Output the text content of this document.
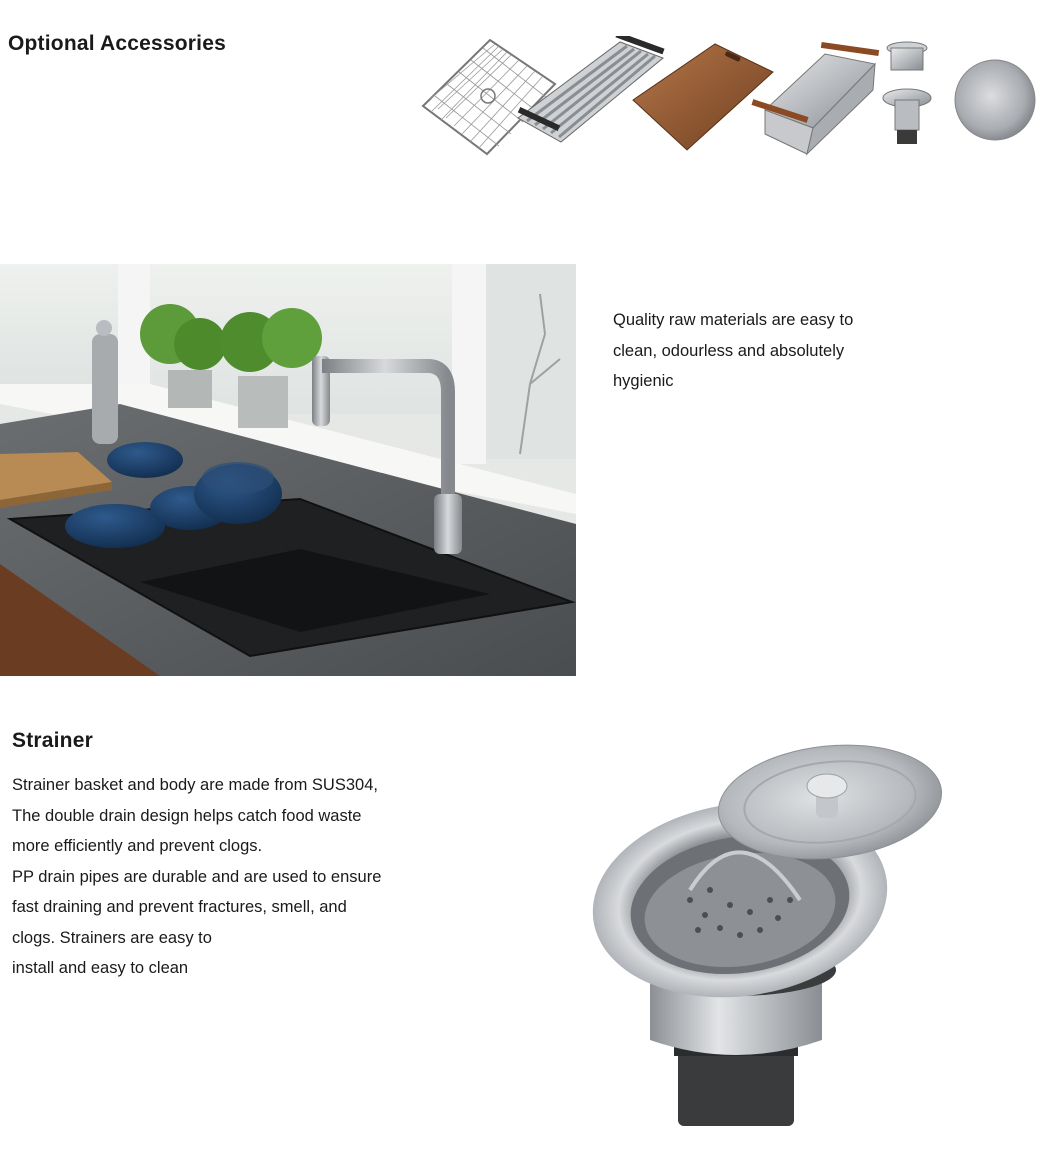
Optional Accessories
Quality raw materials are easy to
clean, odourless and absolutely
hygienic
Strainer
Strainer basket and body are made from SUS304,
The double drain design helps catch food waste
more efficiently and prevent clogs.
PP drain pipes are durable and are used to ensure
fast draining and prevent fractures, smell, and
clogs. Strainers are easy to
install and easy to clean
